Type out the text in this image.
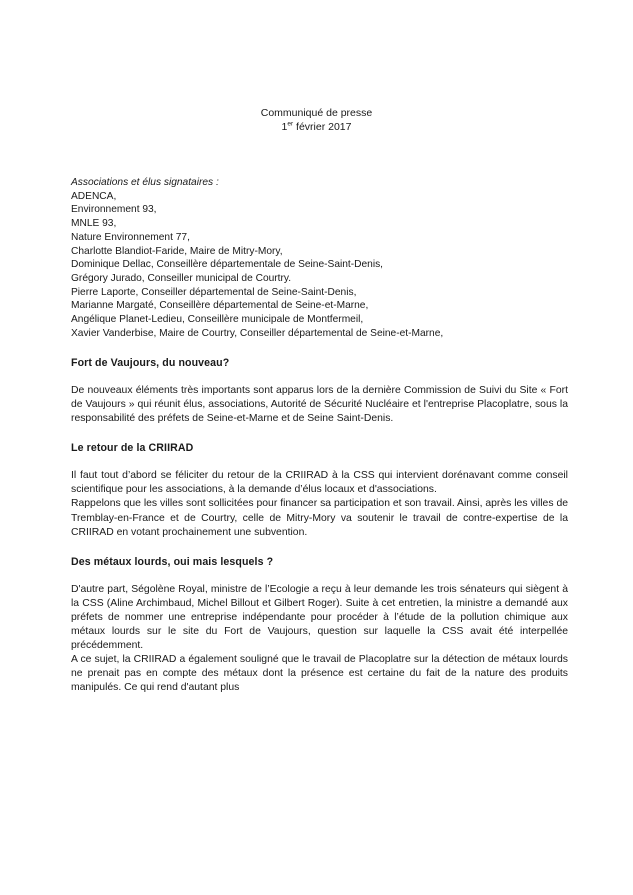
Communiqué de presse
1er février 2017
Associations et élus signataires :
ADENCA,
Environnement 93,
MNLE 93,
Nature Environnement 77,
Charlotte Blandiot-Faride, Maire de Mitry-Mory,
Dominique Dellac, Conseillère départementale de Seine-Saint-Denis,
Grégory Jurado, Conseiller municipal de Courtry.
Pierre Laporte, Conseiller départemental de Seine-Saint-Denis,
Marianne Margaté, Conseillère départemental de Seine-et-Marne,
Angélique Planet-Ledieu, Conseillère municipale de Montfermeil,
Xavier Vanderbise, Maire de Courtry, Conseiller départemental de Seine-et-Marne,
Fort de Vaujours, du nouveau?

De nouveaux éléments très importants sont apparus lors de la dernière Commission de Suivi du Site « Fort de Vaujours » qui réunit élus, associations, Autorité de Sécurité Nucléaire et l'entreprise Placoplatre, sous la responsabilité des préfets de Seine-et-Marne et de Seine Saint-Denis.

Le retour de la CRIIRAD

Il faut tout d’abord se féliciter du retour de la CRIIRAD à la CSS qui intervient dorénavant comme conseil scientifique pour les associations, à la demande d’élus locaux et d'associations.

Rappelons que les villes sont sollicitées pour financer sa participation et son travail. Ainsi, après les villes de Tremblay-en-France et de Courtry, celle de Mitry-Mory va soutenir le travail de contre-expertise de la CRIIRAD en votant prochainement une subvention.

Des métaux lourds, oui mais lesquels ?

D'autre part, Ségolène Royal, ministre de l’Ecologie a reçu à leur demande les trois sénateurs qui siègent à la CSS (Aline Archimbaud, Michel Billout et Gilbert Roger). Suite à cet entretien, la ministre a demandé aux préfets de nommer une entreprise indépendante pour procéder à l’étude de la pollution chimique aux métaux lourds sur le site du Fort de Vaujours, question sur laquelle la CSS avait été interpellée précédemment.

A ce sujet, la CRIIRAD a également souligné que le travail de Placoplatre sur la détection de métaux lourds ne prenait pas en compte des métaux dont la présence est certaine du fait de la nature des produits manipulés. Ce qui rend d'autant plus
